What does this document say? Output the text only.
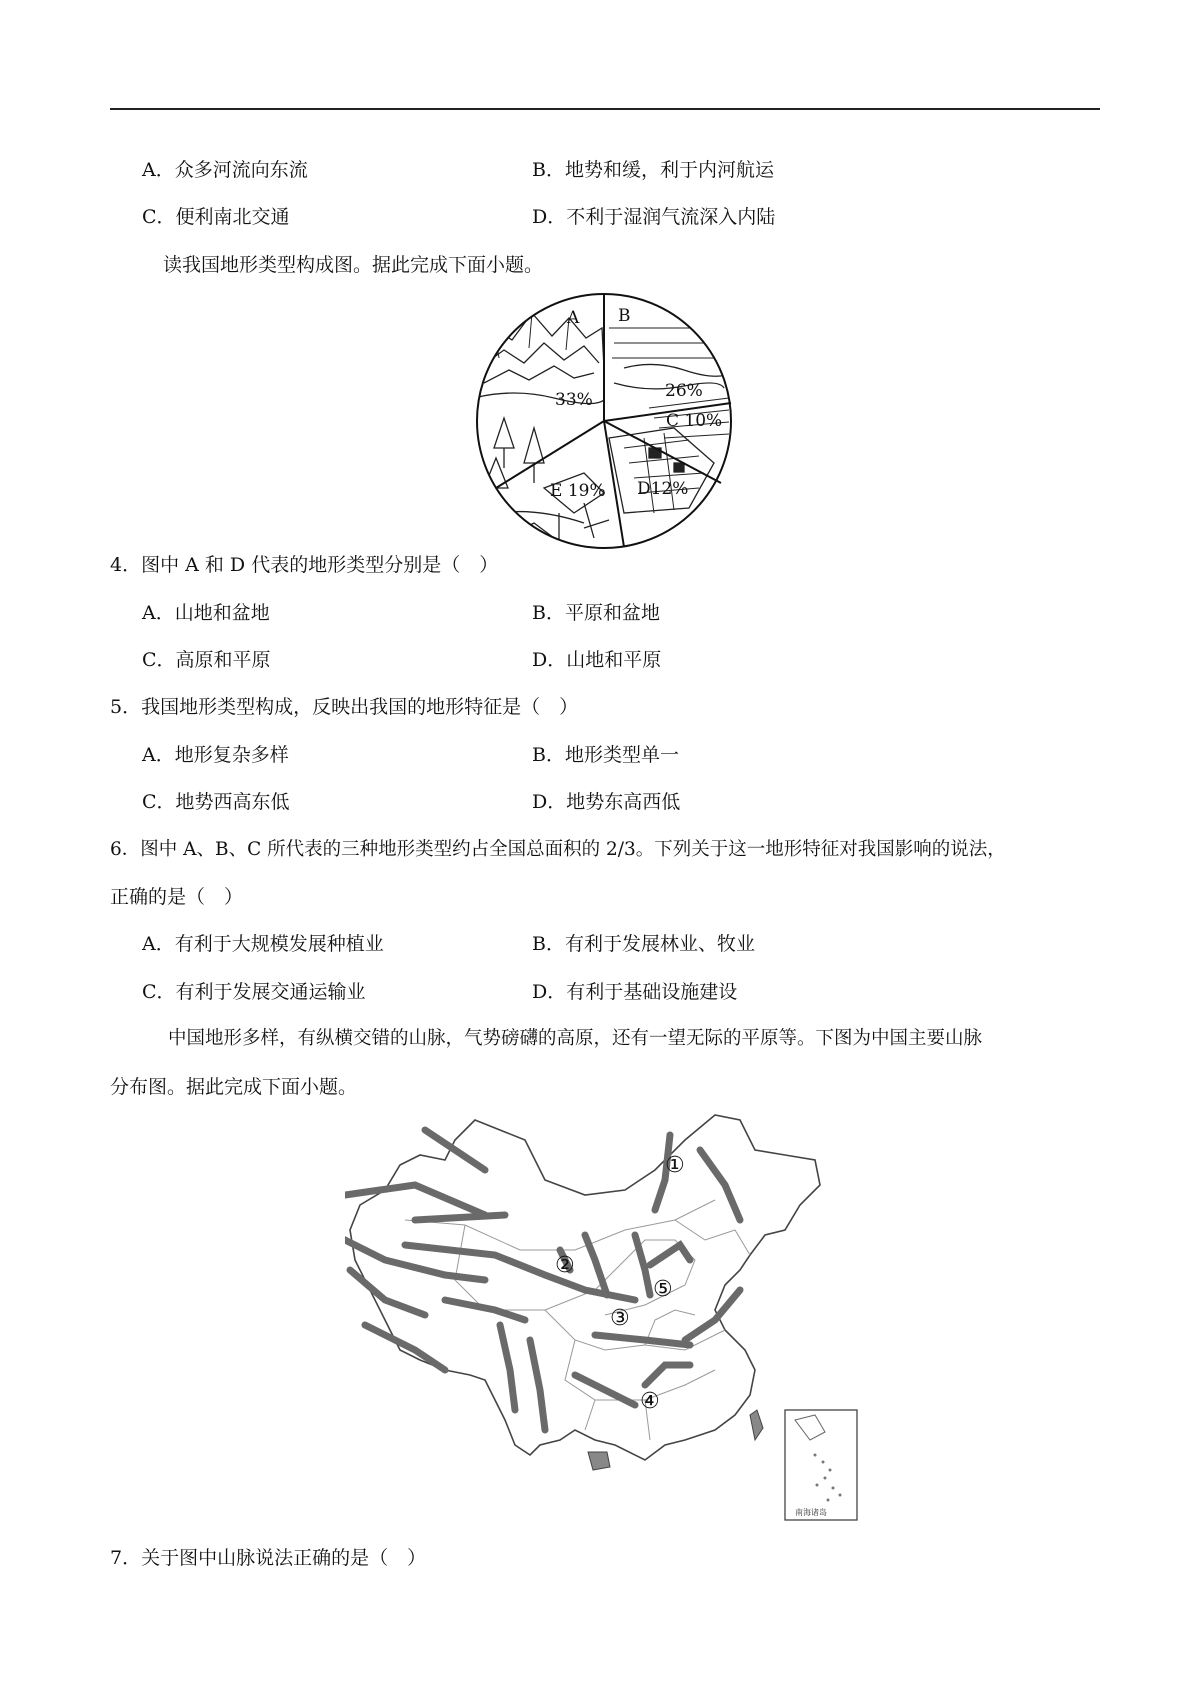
A．众多河流向东流	B．地势和缓，利于内河航运
C．便利南北交通	D．不利于湿润气流深入内陆
读我国地形类型构成图。据此完成下面小题。
A B
33%	26%
C 10%
D12%
E 19%
4．图中 A 和 D 代表的地形类型分别是（　）
A．山地和盆地	B．平原和盆地
C．高原和平原	D．山地和平原
5．我国地形类型构成，反映出我国的地形特征是（　）
A．地形复杂多样	B．地形类型单一
C．地势西高东低	D．地势东高西低
6．图中 A、B、C 所代表的三种地形类型约占全国总面积的 2/3。下列关于这一地形特征对我国影响的说法，
正确的是（　）
A．有利于大规模发展种植业	B．有利于发展林业、牧业
C．有利于发展交通运输业	D．有利于基础设施建设
中国地形多样，有纵横交错的山脉，气势磅礴的高原，还有一望无际的平原等。下图为中国主要山脉
分布图。据此完成下面小题。
①
②
③
⑤
④
南海诸岛
7．关于图中山脉说法正确的是（　）
